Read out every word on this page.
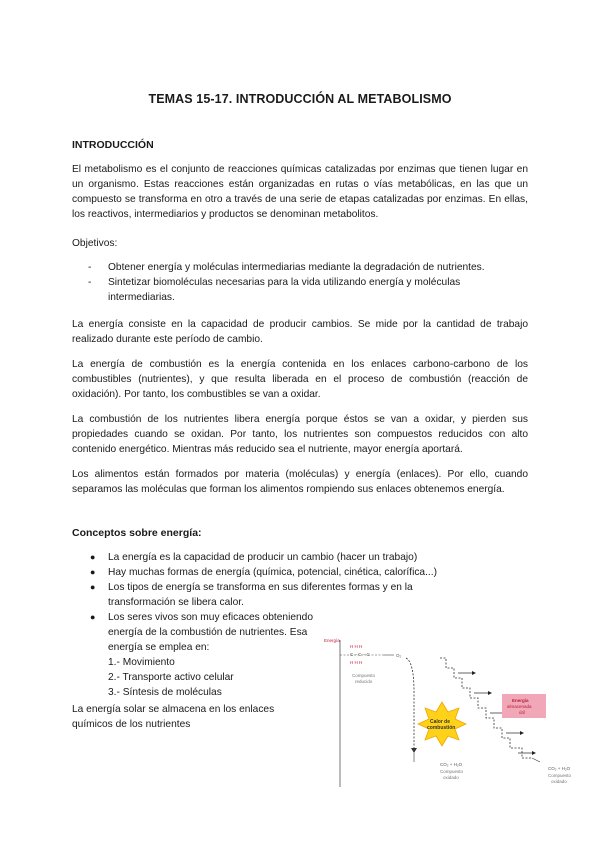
TEMAS 15-17. INTRODUCCIÓN AL METABOLISMO
INTRODUCCIÓN

El metabolismo es el conjunto de reacciones químicas catalizadas por enzimas que tienen lugar en un organismo. Estas reacciones están organizadas en rutas o vías metabólicas, en las que un compuesto se transforma en otro a través de una serie de etapas catalizadas por enzimas. En ellas, los reactivos, intermediarios y productos se denominan metabolitos.

Objetivos:

- Obtener energía y moléculas intermediarias mediante la degradación de nutrientes.
- Sintetizar biomoléculas necesarias para la vida utilizando energía y moléculas intermediarias.

La energía consiste en la capacidad de producir cambios. Se mide por la cantidad de trabajo realizado durante este período de cambio.

La energía de combustión es la energía contenida en los enlaces carbono-carbono de los combustibles (nutrientes), y que resulta liberada en el proceso de combustión (reacción de oxidación). Por tanto, los combustibles se van a oxidar.

La combustión de los nutrientes libera energía porque éstos se van a oxidar, y pierden sus propiedades cuando se oxidan. Por tanto, los nutrientes son compuestos reducidos con alto contenido energético. Mientras más reducido sea el nutriente, mayor energía aportará.

Los alimentos están formados por materia (moléculas) y energía (enlaces). Por ello, cuando separamos las moléculas que forman los alimentos rompiendo sus enlaces obtenemos energía.

Conceptos sobre energía:
● La energía es la capacidad de producir un cambio (hacer un trabajo)
● Hay muchas formas de energía (química, potencial, cinética, calorífica...)
● Los tipos de energía se transforma en sus diferentes formas y en la transformación se libera calor.
● Los seres vivos son muy eficaces obteniendo energía de la combustión de nutrientes. Esa energía se emplea en:
1.- Movimiento
2.- Transporte activo celular
3.- Síntesis de moléculas

La energía solar se almacena en los enlaces químicos de los nutrientes

Energía
H H H
C – C – C
H H H
O₂
Compuesto
reducido
Calor de
combustión
CO₂ + H₂O
Compuesto
oxidado
Energía
almacenada
útil
CO₂ + H₂O
Compuesto
oxidado
